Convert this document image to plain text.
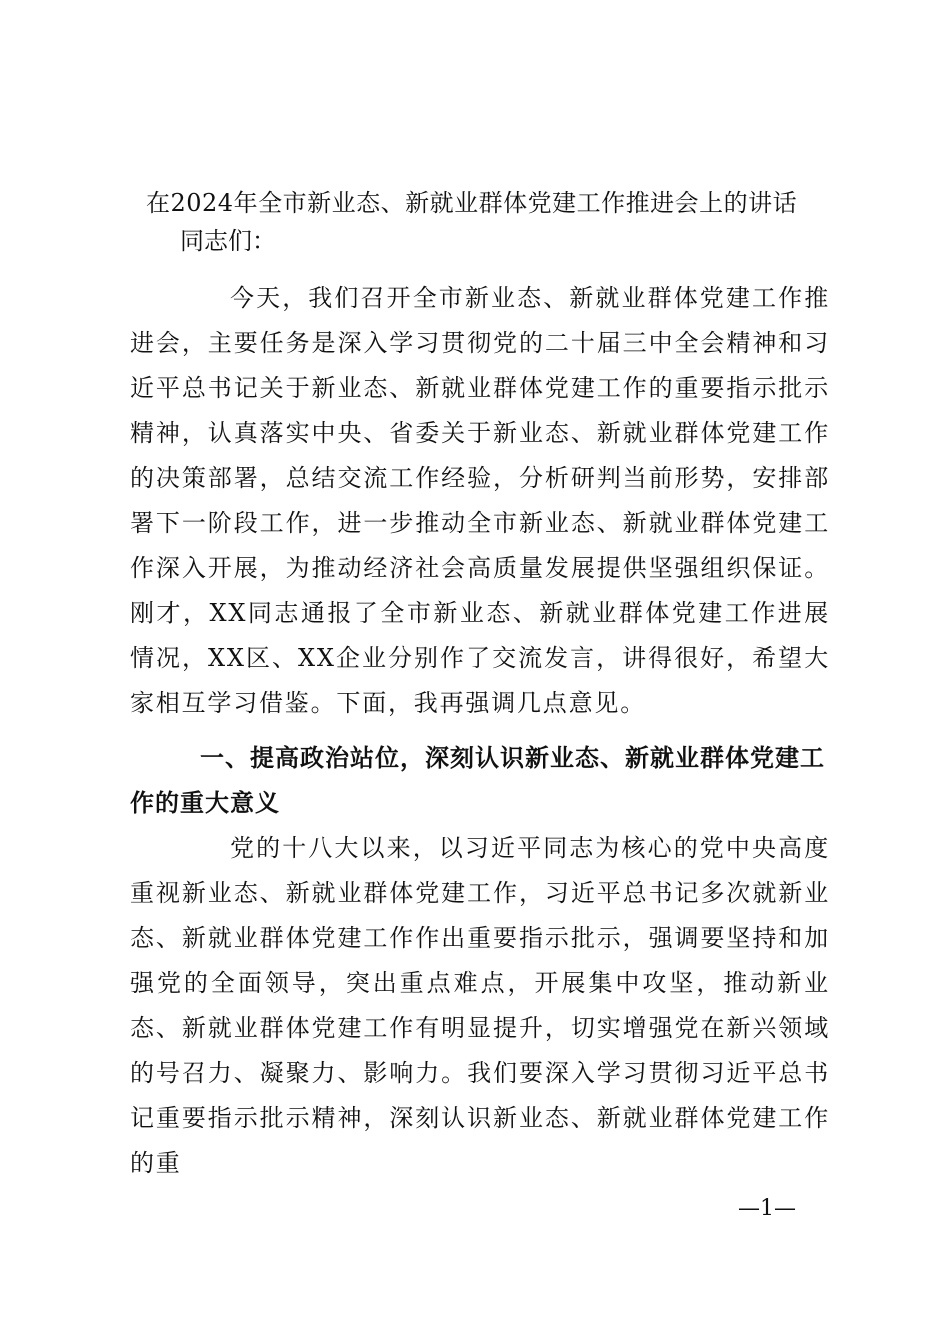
在2024年全市新业态、新就业群体党建工作推进会上的讲话
同志们：
今天，我们召开全市新业态、新就业群体党建工作推进会，主要任务是深入学习贯彻党的二十届三中全会精神和习近平总书记关于新业态、新就业群体党建工作的重要指示批示精神，认真落实中央、省委关于新业态、新就业群体党建工作的决策部署，总结交流工作经验，分析研判当前形势，安排部署下一阶段工作，进一步推动全市新业态、新就业群体党建工作深入开展，为推动经济社会高质量发展提供坚强组织保证。刚才，XX同志通报了全市新业态、新就业群体党建工作进展情况，XX区、XX企业分别作了交流发言，讲得很好，希望大家相互学习借鉴。下面，我再强调几点意见。
一、提高政治站位，深刻认识新业态、新就业群体党建工作的重大意义
党的十八大以来，以习近平同志为核心的党中央高度重视新业态、新就业群体党建工作，习近平总书记多次就新业态、新就业群体党建工作作出重要指示批示，强调要坚持和加强党的全面领导，突出重点难点，开展集中攻坚，推动新业态、新就业群体党建工作有明显提升，切实增强党在新兴领域的号召力、凝聚力、影响力。我们要深入学习贯彻习近平总书记重要指示批示精神，深刻认识新业态、新就业群体党建工作的重
—1—
